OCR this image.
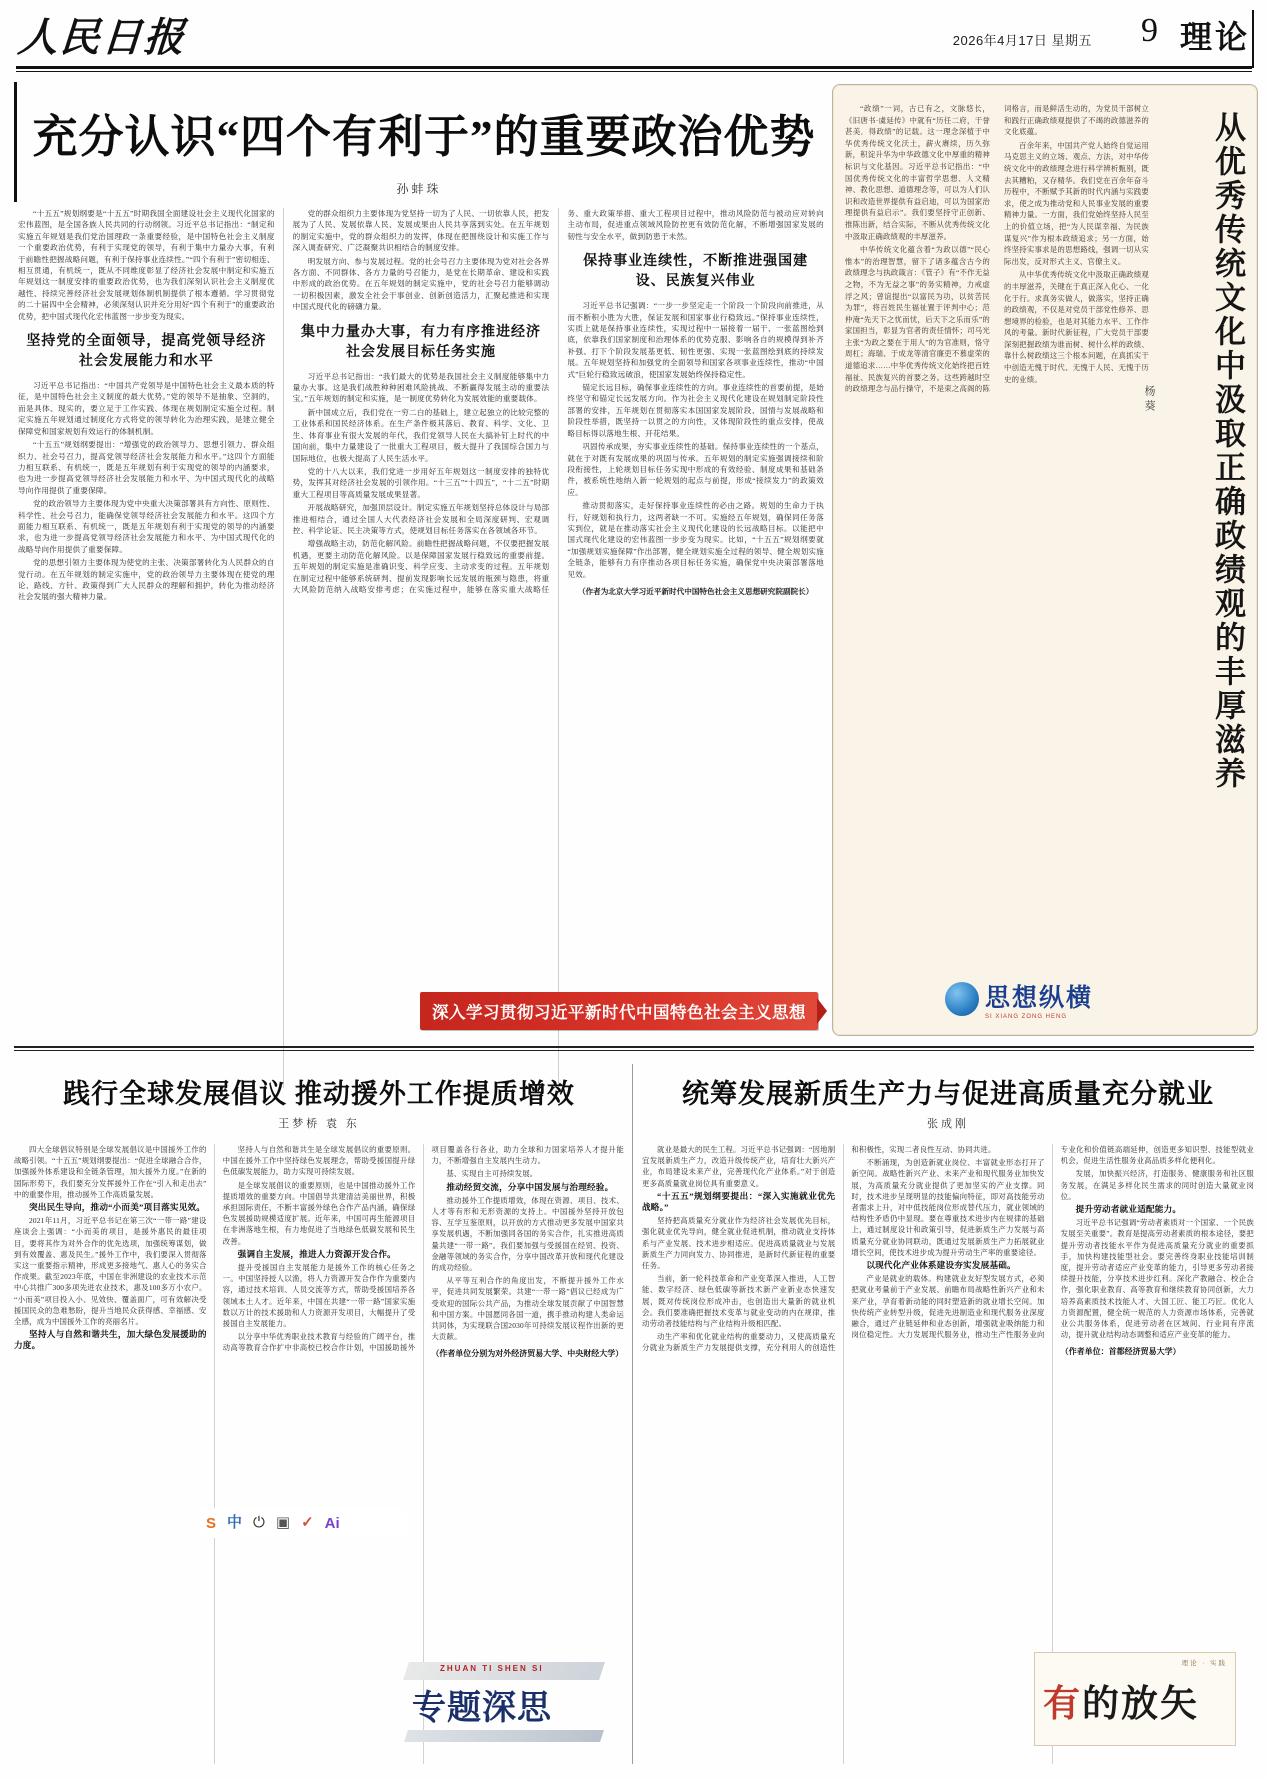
人民日报	2026年4月17日 星期五 9 理论
充分认识“四个有利于”的重要政治优势
孙蚌珠

“十五五”规划纲要是“十五五”时期我国全面建设社会主义现代化国家的宏伟蓝图，是全国各族人民共同的行动纲领。习近平总书记指出：“制定和实施五年规划是我们党治国理政一条重要经验，是中国特色社会主义制度一个重要政治优势，有利于实现党的领导，有利于集中力量办大事，有利于前瞻性把握战略问题，有利于保持事业连续性。”“四个有利于”密切相连、相互贯通，有机统一，既从不同维度彰显了经济社会发展中制定和实施五年规划这一制度安排的重要政治优势，也为我们深刻认识社会主义制度优越性、持续完善经济社会发展规划体制机制提供了根本遵循。学习贯彻党的二十届四中全会精神，必须深刻认识并充分用好“四个有利于”的重要政治优势，把中国式现代化宏伟蓝图一步步变为现实。

坚持党的全面领导，提高党领导经济社会发展能力和水平

习近平总书记指出：“中国共产党领导是中国特色社会主义最本质的特征，是中国特色社会主义制度的最大优势。”党的领导不是抽象、空洞的，而是具体、现实的，要立足于工作实践、体现在规划制定实施全过程。制定实施五年规划通过制度化方式将党的领导转化为治理实践，是建立健全保障党和国家规划有效运行的体制机制。

“十五五”规划纲要提出：“增强党的政治领导力、思想引领力、群众组织力、社会号召力，提高党领导经济社会发展能力和水平。”这四个方面能力相互联系、有机统一，既是五年规划有利于实现党的领导的内涵要求，也为进一步提高党领导经济社会发展能力和水平、为中国式现代化的战略导向作用提供了重要保障。

党的政治领导力主要体现为党中央重大决策部署具有方向性、原则性、科学性、社会号召力，能确保党领导经济社会发展能力和水平。这四个方面能力相互联系、有机统一，既是五年规划有利于实现党的领导的内涵要求，也为进一步提高党领导经济社会发展能力和水平、为中国式现代化的战略导向作用提供了重要保障。

党的思想引领力主要体现为使党的主张、决策部署转化为人民群众的自觉行动。在五年规划的制定实施中，党的政治领导力主要体现在使党的理论、路线、方针、政策得到广大人民群众的理解和拥护，转化为推动经济社会发展的强大精神力量。

党的群众组织力主要体现为党坚持一切为了人民、一切依靠人民，把发展为了人民、发展依靠人民、发展成果由人民共享落到实处。在五年规划的制定实施中，党的群众组织力的发挥，体现在把围绕设计和实施工作与深入调查研究、广泛凝聚共识相结合的制度安排。

明发展方向、参与发展过程。党的社会号召力主要体现为党对社会各界各方面、不同群体、各方力量的号召能力，是党在长期革命、建设和实践中形成的政治优势。在五年规划的制定实施中，党的社会号召力能够调动一切积极因素，激发全社会干事创业、创新创造活力，汇聚起推进和实现中国式现代化的磅礴力量。

集中力量办大事，有力有序推进经济社会发展目标任务实施

习近平总书记指出：“我们最大的优势是我国社会主义制度能够集中力量办大事。这是我们战胜种种困难风险挑战、不断赢得发展主动的重要法宝。”五年规划的制定和实施，是一制度优势转化为发展效能的重要载体。

新中国成立后，我们党在一穷二白的基础上，建立起独立的比较完整的工业体系和国民经济体系。在生产条件极其落后、教育、科学、文化、卫生、体育事业有很大发展的年代，我们党领导人民在大搞补钉上时代的中国向前，集中力量建设了一批重大工程项目，极大提升了我国综合国力与国际地位，也极大提高了人民生活水平。

党的十八大以来，我们党进一步用好五年规划这一制度安排的独特优势，发挥其对经济社会发展的引领作用。“十三五”“十四五”，“十二五”时期重大工程项目等高质量发展成果显著。

开展战略研究，加强顶层设计。制定实施五年规划坚持总体设计与局部推进相结合，通过全国人大代表经济社会发展和全局深度研判、宏观调控、科学论证、民主决策等方式，使规划目标任务落实在各领域各环节。

增强战略主动，防范化解风险。前瞻性把握战略问题，不仅要把握发展机遇，更要主动防范化解风险。以是保障国家发展行稳致远的重要前提。五年规划的制定实施是准确识变、科学应变、主动求变的过程。五年规划在制定过程中能够系统研判、提前发现影响长远发展的瓶颈与隐患，将重大风险防范纳入战略安排考虑；在实施过程中，能够在落实重大战略任务、重大政策举措、重大工程项目过程中，推动风险防范与被动应对转向主动布局，促进重点领域风险防控更有效防范化解，不断增强国家发展的韧性与安全水平，做到防患于未然。

保持事业连续性，不断推进强国建设、民族复兴伟业

习近平总书记强调：“一步一步坚定走一个阶段一个阶段向前推进，从而不断积小胜为大胜，保证发展和国家事业行稳致远。”保持事业连续性，实质上就是保持事业连续性，实现过程中一届接着一届干、一张蓝图绘到底，依靠我们国家制度和治理体系的优势克服、影响各自的规模得到补齐补强、打下个阶段发展基更低、韧性更强、实现一张蓝图绘到底的持续发展。五年规划坚持和加强党的全面领导和国家各项事业连续性，推动“中国式”巨轮行稳致远破浪，使国家发展始终保持稳定性。

锚定长远目标，确保事业连续性的方向。事业连续性的首要前提，是始终坚守和锚定长远发展方向。作为社会主义现代化建设在规划制定阶段性部署的安排，五年规划在贯彻落实本国国家发展阶段、国情与发展战略和阶段性举措，既坚持一以贯之的方向性，又体现阶段性的重点安排，使战略目标得以落地生根、开花结果。

巩固传承成果，夯实事业连续性的基础。保持事业连续性的一个基点，就在于对既有发展成果的巩固与传承。五年规划的制定实施强调接续和阶段衔接性，上轮规划目标任务实现中形成的有效经验、制度成果和基础条件，被系统性地纳入新一轮规划的起点与前提，形成“接续发力”的政策效应。

推动贯彻落实，走好保持事业连续性的必由之路。规划的生命力于执行，好规划和执行力，这两者缺一不可。实施经五年规划，确保同任务落实到位，就是在推动落实社会主义现代化建设的长远战略目标。以能把中国式现代化建设的宏伟蓝图一步步变为现实。比如，“十五五”规划纲要就“加强规划实施保障”作出部署，健全规划实施全过程的领导、健全规划实施全链条，能够有力有序推动各项目标任务实施，确保党中央决策部署落地见效。

（作者为北京大学习近平新时代中国特色社会主义思想研究院副院长）

深入学习贯彻习近平新时代中国特色社会主义思想
从优秀传统文化中汲取正确政绩观的丰厚滋养
杨葵

“政绩”一词，古已有之，文脉悠长，《旧唐书·虞延传》中就有“历任二府，干誉甚美．得政绩”的记载。这一理念深植于中华优秀传统文化沃土，薪火赓续，历久弥新，积淀升华为中华政德文化中厚重的精神标识与文化基因。习近平总书记指出：“中国优秀传统文化的丰富哲学思想、人文精神、教化思想、道德理念等，可以为人们认识和改造世界提供有益启迪，可以为国家治理提供有益启示”。我们要坚持守正创新、推陈出新，结合实际，不断从优秀传统文化中汲取正确政绩观的丰厚滋养。

中华传统文化蕴含着“为政以德”“民心惟本”的治理智慧，留下了诸多蕴含古今的政绩理念与执政箴言：《管子》有“不作无益之物，不为无益之事”的务实精神，力戒虚浮之风；曾谊提出“以富民为功，以贫苦民为罪”，将百姓民生福祉置于评判中心；范仲淹“先天下之忧而忧，后天下之乐而乐”的家国担当，彰显为官者的责任情怀；司马光主张“为政之要在于用人”的为官准则，恪守周杠；海瑞、于成龙等清官廉吏不慕虚荣的道德追求……中华优秀传统文化始终把百姓福祉、民族复兴的首要之务。这些跨越时空的政绩理念与品行操守，不是束之高阁的陈词格言，而是鲜活生动的，为党员干部树立和践行正确政绩观提供了不竭的政德滋养的文化底蕴。

百余年来，中国共产党人始终自觉运用马克思主义的立场、观点、方法，对中华传统文化中的政绩理念进行科学辨析甄别，既去其糟粕，又存精华。我们党在百余年奋斗历程中，不断赋予其新的时代内涵与实践要求，使之成为推动党和人民事业发展的重要精神力量。一方面，我们党始终坚持人民至上的价值立场，把“为人民谋幸福、为民族谋复兴”作为根本政绩追求；另一方面，始终坚持实事求是的思想路线，强调一切从实际出发，反对形式主义、官僚主义。

从中华优秀传统文化中汲取正确政绩观的丰厚滋养，关键在于真正深入化心、一化化于行。求真务实做人，做落实，坚持正确的政绩观，不仅是对党员干部党性修养、思想境界的检验，也是对其能力水平、工作作风的考量。新时代新征程，广大党员干部要深刻把握政绩为谁而树、树什么样的政绩、靠什么树政绩这三个根本问题，在真抓实干中创造无愧于时代、无愧于人民、无愧于历史的业绩。

思想纵横
SI XIANG ZONG HENG
践行全球发展倡议 推动援外工作提质增效
王梦桥 袁 东

四大全球倡议特别是全球发展倡议是中国援外工作的战略引领。“十五五”规划纲要提出：“促进全球融合合作，加强援外体系建设和全链条管理，加大援外力度。”在新的国际形势下，我们要充分发挥援外工作在“引入和走出去”中的重要作用，推动援外工作高质量发展。

突出民生导向，推动“小而美”项目落实见效。

2021年11月，习近平总书记在第三次“一带一路”建设座谈会上强调：“小而美的项目，是援外惠民的最佳项目，要将其作为对外合作的优先选项，加强统筹谋划，做到有效覆盖、惠及民生。”援外工作中，我们要深入贯彻落实这一重要指示精神，形成更多接地气、惠人心的务实合作成果。截至2023年底，中国在非洲建设的农业技术示范中心共推广300多项先进农业技术，惠及100多万小农户。“小而美”项目投入小、见效快、覆盖面广，可有效解决受援国民众的急难愁盼，提升当地民众获得感、幸福感、安全感，成为中国援外工作的亮丽名片。

坚持人与自然和谐共生，加大绿色发展援助的力度。

坚持人与自然和谐共生是全球发展倡议的重要原则。中国在援外工作中坚持绿色发展理念，帮助受援国提升绿色低碳发展能力，助力实现可持续发展。

是全球发展倡议的重要原则，也是中国推动援外工作提质增效的重要方向。中国倡导共建清洁美丽世界，积极承担国际责任，不断丰富援外绿色合作产品内涵，确保绿色发展援助规模适度扩展。近年来，中国可再生能源项目在非洲落地生根，有力地促进了当地绿色低碳发展和民生改善。

强调自主发展，推进人力资源开发合作。

提升受援国自主发展能力是援外工作的核心任务之一。中国坚持授人以渔，将人力资源开发合作作为重要内容，通过技术培训、人员交流等方式，帮助受援国培养各领域本土人才。近年来，中国在共建“一带一路”国家实施数以万计的技术援助和人力资源开发项目，大幅提升了受援国自主发展能力。

以分享中华优秀职业技术教育与经验的广阔平台，推动高等教育合作扩中非高校已校合作计划，中国援助援外项目覆盖各行各业，助力全球和力国家培养人才提升能力，不断增强自主发展内生动力。

基、实现自主可持续发展。

推动经贸交流，分享中国发展与治理经验。

推动援外工作提质增效，体现在资源、项目、技术、人才等有形和无形资源的支持上。中国援外坚持开放包容、互学互鉴原则，以开放的方式推动更多发展中国家共享发展机遇，不断加强同各国的务实合作，扎实推进高质量共建“一带一路”。我们要加强与受援国在经贸、投资、金融等领域的务实合作，分享中国改革开放和现代化建设的成功经验。

从平等互利合作的角度出发，不断提升援外工作水平，促进共同发展繁荣。共建“一带一路”倡议已经成为广受欢迎的国际公共产品，为推动全球发展贡献了中国智慧和中国方案。中国愿同各国一道，携手推动构建人类命运共同体，为实现联合国2030年可持续发展议程作出新的更大贡献。

（作者单位分别为对外经济贸易大学、中央财经大学）

S 中 ⏻ ▣ ✓ Ai
ZHUAN TI SHEN SI
专题深思
统筹发展新质生产力与促进高质量充分就业
张成刚

就业是最大的民生工程。习近平总书记强调：“因地制宜发展新质生产力，改造升级传统产业，培育壮大新兴产业，布局建设未来产业，完善现代化产业体系。”对于创造更多高质量就业岗位具有重要意义。

“十五五”规划纲要提出：“深入实施就业优先战略。”

坚持把高质量充分就业作为经济社会发展优先目标，强化就业优先导向，健全就业促进机制，推动就业支持体系与产业发展、技术进步相适应。促进高质量就业与发展新质生产力同向发力、协同推进，是新时代新征程的重要任务。

当前，新一轮科技革命和产业变革深入推进，人工智能、数字经济、绿色低碳等新技术新产业新业态快速发展，既对传统岗位形成冲击，也创造出大量新的就业机会。我们要准确把握技术变革与就业变动的内在规律，推动劳动者技能结构与产业结构升级相匹配。

动生产率和优化就业结构的重要动力，又使高质量充分就业为新质生产力发展提供支撑，充分利用人的创造性和积极性，实现二者良性互动、协同共进。

不断涌现，为创造新就业岗位、丰富就业形态打开了新空间。战略性新兴产业、未来产业和现代服务业加快发展，为高质量充分就业提供了更加坚实的产业支撑。同时，技术进步呈现明显的技能偏向特征，即对高技能劳动者需求上升，对中低技能岗位形成替代压力，就业领域的结构性矛盾仍中显现。要在尊重技术进步内在规律的基础上，通过制度设计和政策引导，促进新质生产力发展与高质量充分就业协同联动，既通过发展新质生产力拓展就业增长空间，使技术进步成为提升劳动生产率的重要途径。

以现代化产业体系建设夯实发展基础。

产业是就业的载体。构建就业友好型发展方式，必须把就业考量前于产业发展、前瞻布局战略性新兴产业和未来产业，孕育着新动能的同时塑造新的就业增长空间。加快传统产业转型升级，促进先进制造业和现代服务业深度融合，通过产业链延伸和业态创新，增强就业吸纳能力和岗位稳定性。大力发展现代服务业，推动生产性服务业向专业化和价值链高端延伸，创造更多知识型、技能型就业机会，促进生活性服务业高品质多样化便利化。

发展，加快振兴经济，打造服务、健康服务和社区服务发展，在满足多样化民生需求的同时创造大量就业岗位。

提升劳动者就业适配能力。

习近平总书记强调“劳动者素质对一个国家、一个民族发展至关重要”。教育是提高劳动者素质的根本途径，要把提升劳动者技能水平作为促进高质量充分就业的重要抓手，加快构建技能型社会。要完善终身职业技能培训制度，提升劳动者适应产业变革的能力，引导更多劳动者接续提升技能，分享技术进步红利。深化产教融合、校企合作，强化职业教育、高等教育和继续教育协同创新，大力培养高素质技术技能人才、大国工匠、能工巧匠。优化人力资源配置，健全统一规范的人力资源市场体系，完善就业公共服务体系，促进劳动者在区域间、行业间有序流动，提升就业结构动态调整和适应产业变革的能力。

（作者单位：首都经济贸易大学）

理论 · 实践
有的放矢
